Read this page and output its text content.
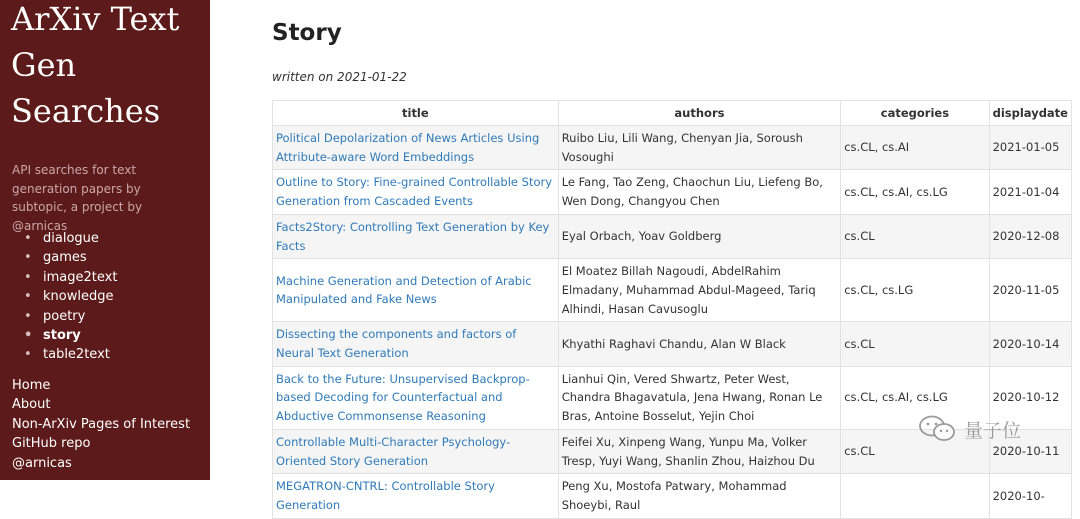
ArXiv Text
Gen
Searches
API searches for text generation papers by subtopic, a project by @arnicas
• dialogue
• games
• image2text
• knowledge
• poetry
• story
• table2text
Home
About
Non-ArXiv Pages of Interest
GitHub repo
@arnicas
Story
written on 2021-01-22
title	authors	categories	displaydate
Political Depolarization of News Articles Using Attribute-aware Word Embeddings	Ruibo Liu, Lili Wang, Chenyan Jia, Soroush Vosoughi	cs.CL, cs.AI	2021-01-05
Outline to Story: Fine-grained Controllable Story Generation from Cascaded Events	Le Fang, Tao Zeng, Chaochun Liu, Liefeng Bo, Wen Dong, Changyou Chen	cs.CL, cs.AI, cs.LG	2021-01-04
Facts2Story: Controlling Text Generation by Key Facts	Eyal Orbach, Yoav Goldberg	cs.CL	2020-12-08
Machine Generation and Detection of Arabic Manipulated and Fake News	El Moatez Billah Nagoudi, AbdelRahim Elmadany, Muhammad Abdul-Mageed, Tariq Alhindi, Hasan Cavusoglu	cs.CL, cs.LG	2020-11-05
Dissecting the components and factors of Neural Text Generation	Khyathi Raghavi Chandu, Alan W Black	cs.CL	2020-10-14
Back to the Future: Unsupervised Backprop-based Decoding for Counterfactual and Abductive Commonsense Reasoning	Lianhui Qin, Vered Shwartz, Peter West, Chandra Bhagavatula, Jena Hwang, Ronan Le Bras, Antoine Bosselut, Yejin Choi	cs.CL, cs.AI, cs.LG	2020-10-12
Controllable Multi-Character Psychology-Oriented Story Generation	Feifei Xu, Xinpeng Wang, Yunpu Ma, Volker Tresp, Yuyi Wang, Shanlin Zhou, Haizhou Du	cs.CL	2020-10-11
MEGATRON-CNTRL: Controllable Story Generation	Peng Xu, Mostofa Patwary, Mohammad Shoeybi, Raul		2020-10-
量子位
